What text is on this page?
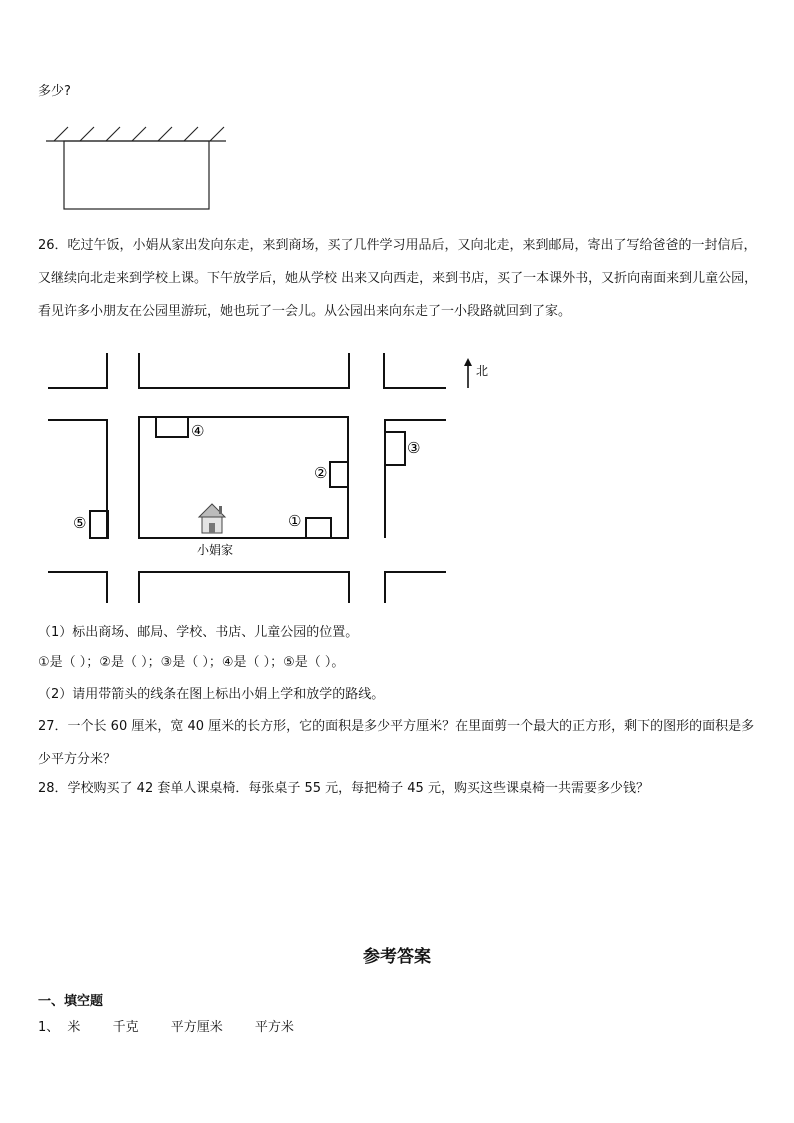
多少?
26．吃过午饭，小娟从家出发向东走，来到商场，买了几件学习用品后，又向北走，来到邮局，寄出了写给爸爸的一封信后，又继续向北走来到学校上课。下午放学后，她从学校 出来又向西走，来到书店，买了一本课外书，又折向南面来到儿童公园，看见许多小朋友在公园里游玩，她也玩了一会儿。从公园出来向东走了一小段路就回到了家。
④
②
③
①
⑤
小娟家
北
（1）标出商场、邮局、学校、书店、儿童公园的位置。
①是（ ）；②是（ ）；③是（ ）；④是（ ）；⑤是（ ）。
（2）请用带箭头的线条在图上标出小娟上学和放学的路线。
27．一个长 60 厘米，宽 40 厘米的长方形，它的面积是多少平方厘米？在里面剪一个最大的正方形，剩下的图形的面积是多少平方分米？
28．学校购买了 42 套单人课桌椅．每张桌子 55 元，每把椅子 45 元，购买这些课桌椅一共需要多少钱？
参考答案
一、填空题
1、 米 千克 平方厘米 平方米
